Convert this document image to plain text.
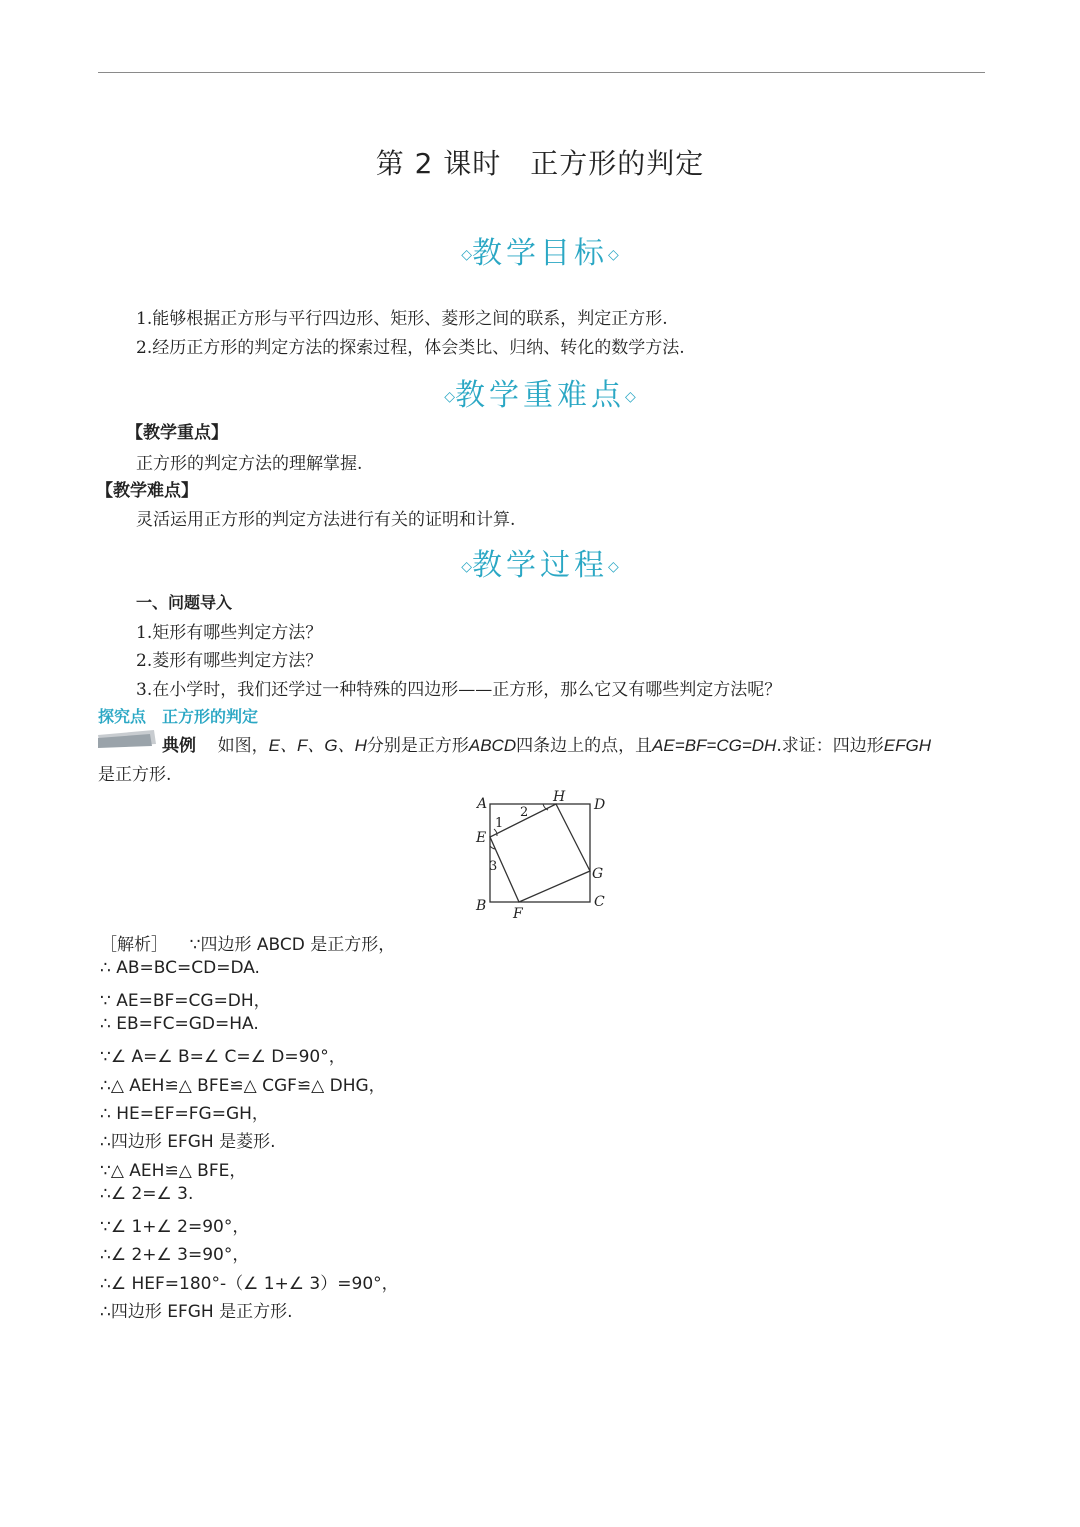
第 2 课时　正方形的判定
◇教学目标◇
1.能够根据正方形与平行四边形、矩形、菱形之间的联系，判定正方形.
2.经历正方形的判定方法的探索过程，体会类比、归纳、转化的数学方法.
◇教学重难点◇
【教学重点】
正方形的判定方法的理解掌握.
【教学难点】
灵活运用正方形的判定方法进行有关的证明和计算.
◇教学过程◇
一、问题导入
1.矩形有哪些判定方法？
2.菱形有哪些判定方法？
3.在小学时，我们还学过一种特殊的四边形——正方形，那么它又有哪些判定方法呢？
探究点　正方形的判定
典例 如图，E、F、G、H分别是正方形ABCD四条边上的点，且AE=BF=CG=DH.求证：四边形EFGH
是正方形.
A	H D
1
2
E
3	G
B F
C
［解析］ ∵四边形 ABCD 是正方形，
∴ AB=BC=CD=DA.
∵ AE=BF=CG=DH，
∴ EB=FC=GD=HA.
∵∠ A=∠ B=∠ C=∠ D=90°，
∴△ AEH≌△ BFE≌△ CGF≌△ DHG，
∴ HE=EF=FG=GH，
∴四边形 EFGH 是菱形.
∵△ AEH≌△ BFE，
∴∠ 2=∠ 3.
∵∠ 1+∠ 2=90°，
∴∠ 2+∠ 3=90°，
∴∠ HEF=180°-（∠ 1+∠ 3）=90°，
∴四边形 EFGH 是正方形.
